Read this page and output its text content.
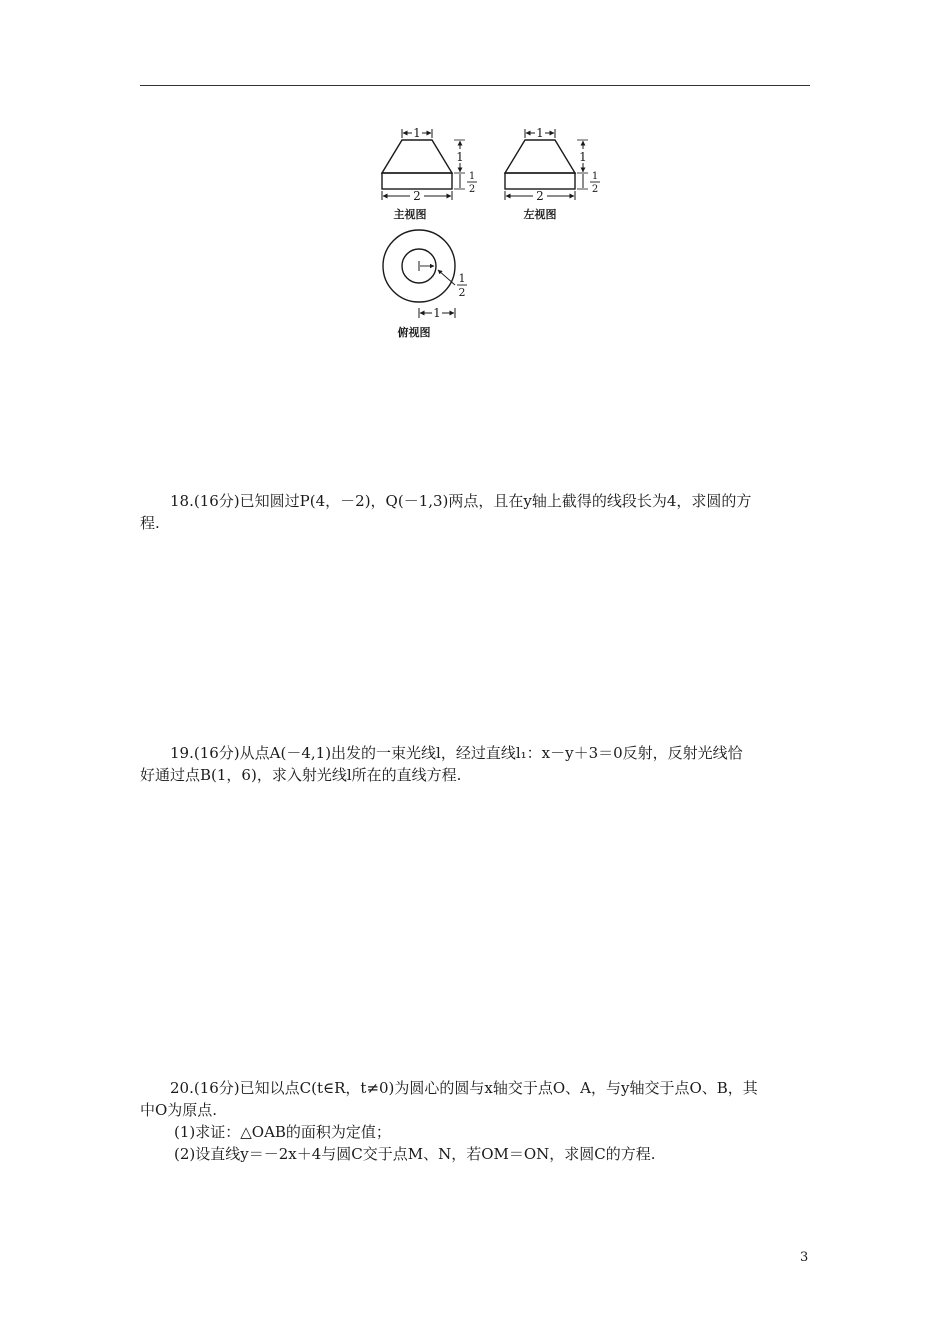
1
2
1
1
2
主视图
1
2
1
1
2
左视图
1
2
1
俯视图
18.(16分)已知圆过P(4，－2)，Q(－1,3)两点，且在y轴上截得的线段长为4，求圆的方
程.
19.(16分)从点A(－4,1)出发的一束光线l，经过直线l₁：x－y＋3＝0反射，反射光线恰
好通过点B(1，6)，求入射光线l所在的直线方程.
20.(16分)已知以点C(t∈R，t≠0)为圆心的圆与x轴交于点O、A，与y轴交于点O、B，其
中O为原点.
(1)求证：△OAB的面积为定值；
(2)设直线y＝－2x＋4与圆C交于点M、N，若OM＝ON，求圆C的方程.
3
